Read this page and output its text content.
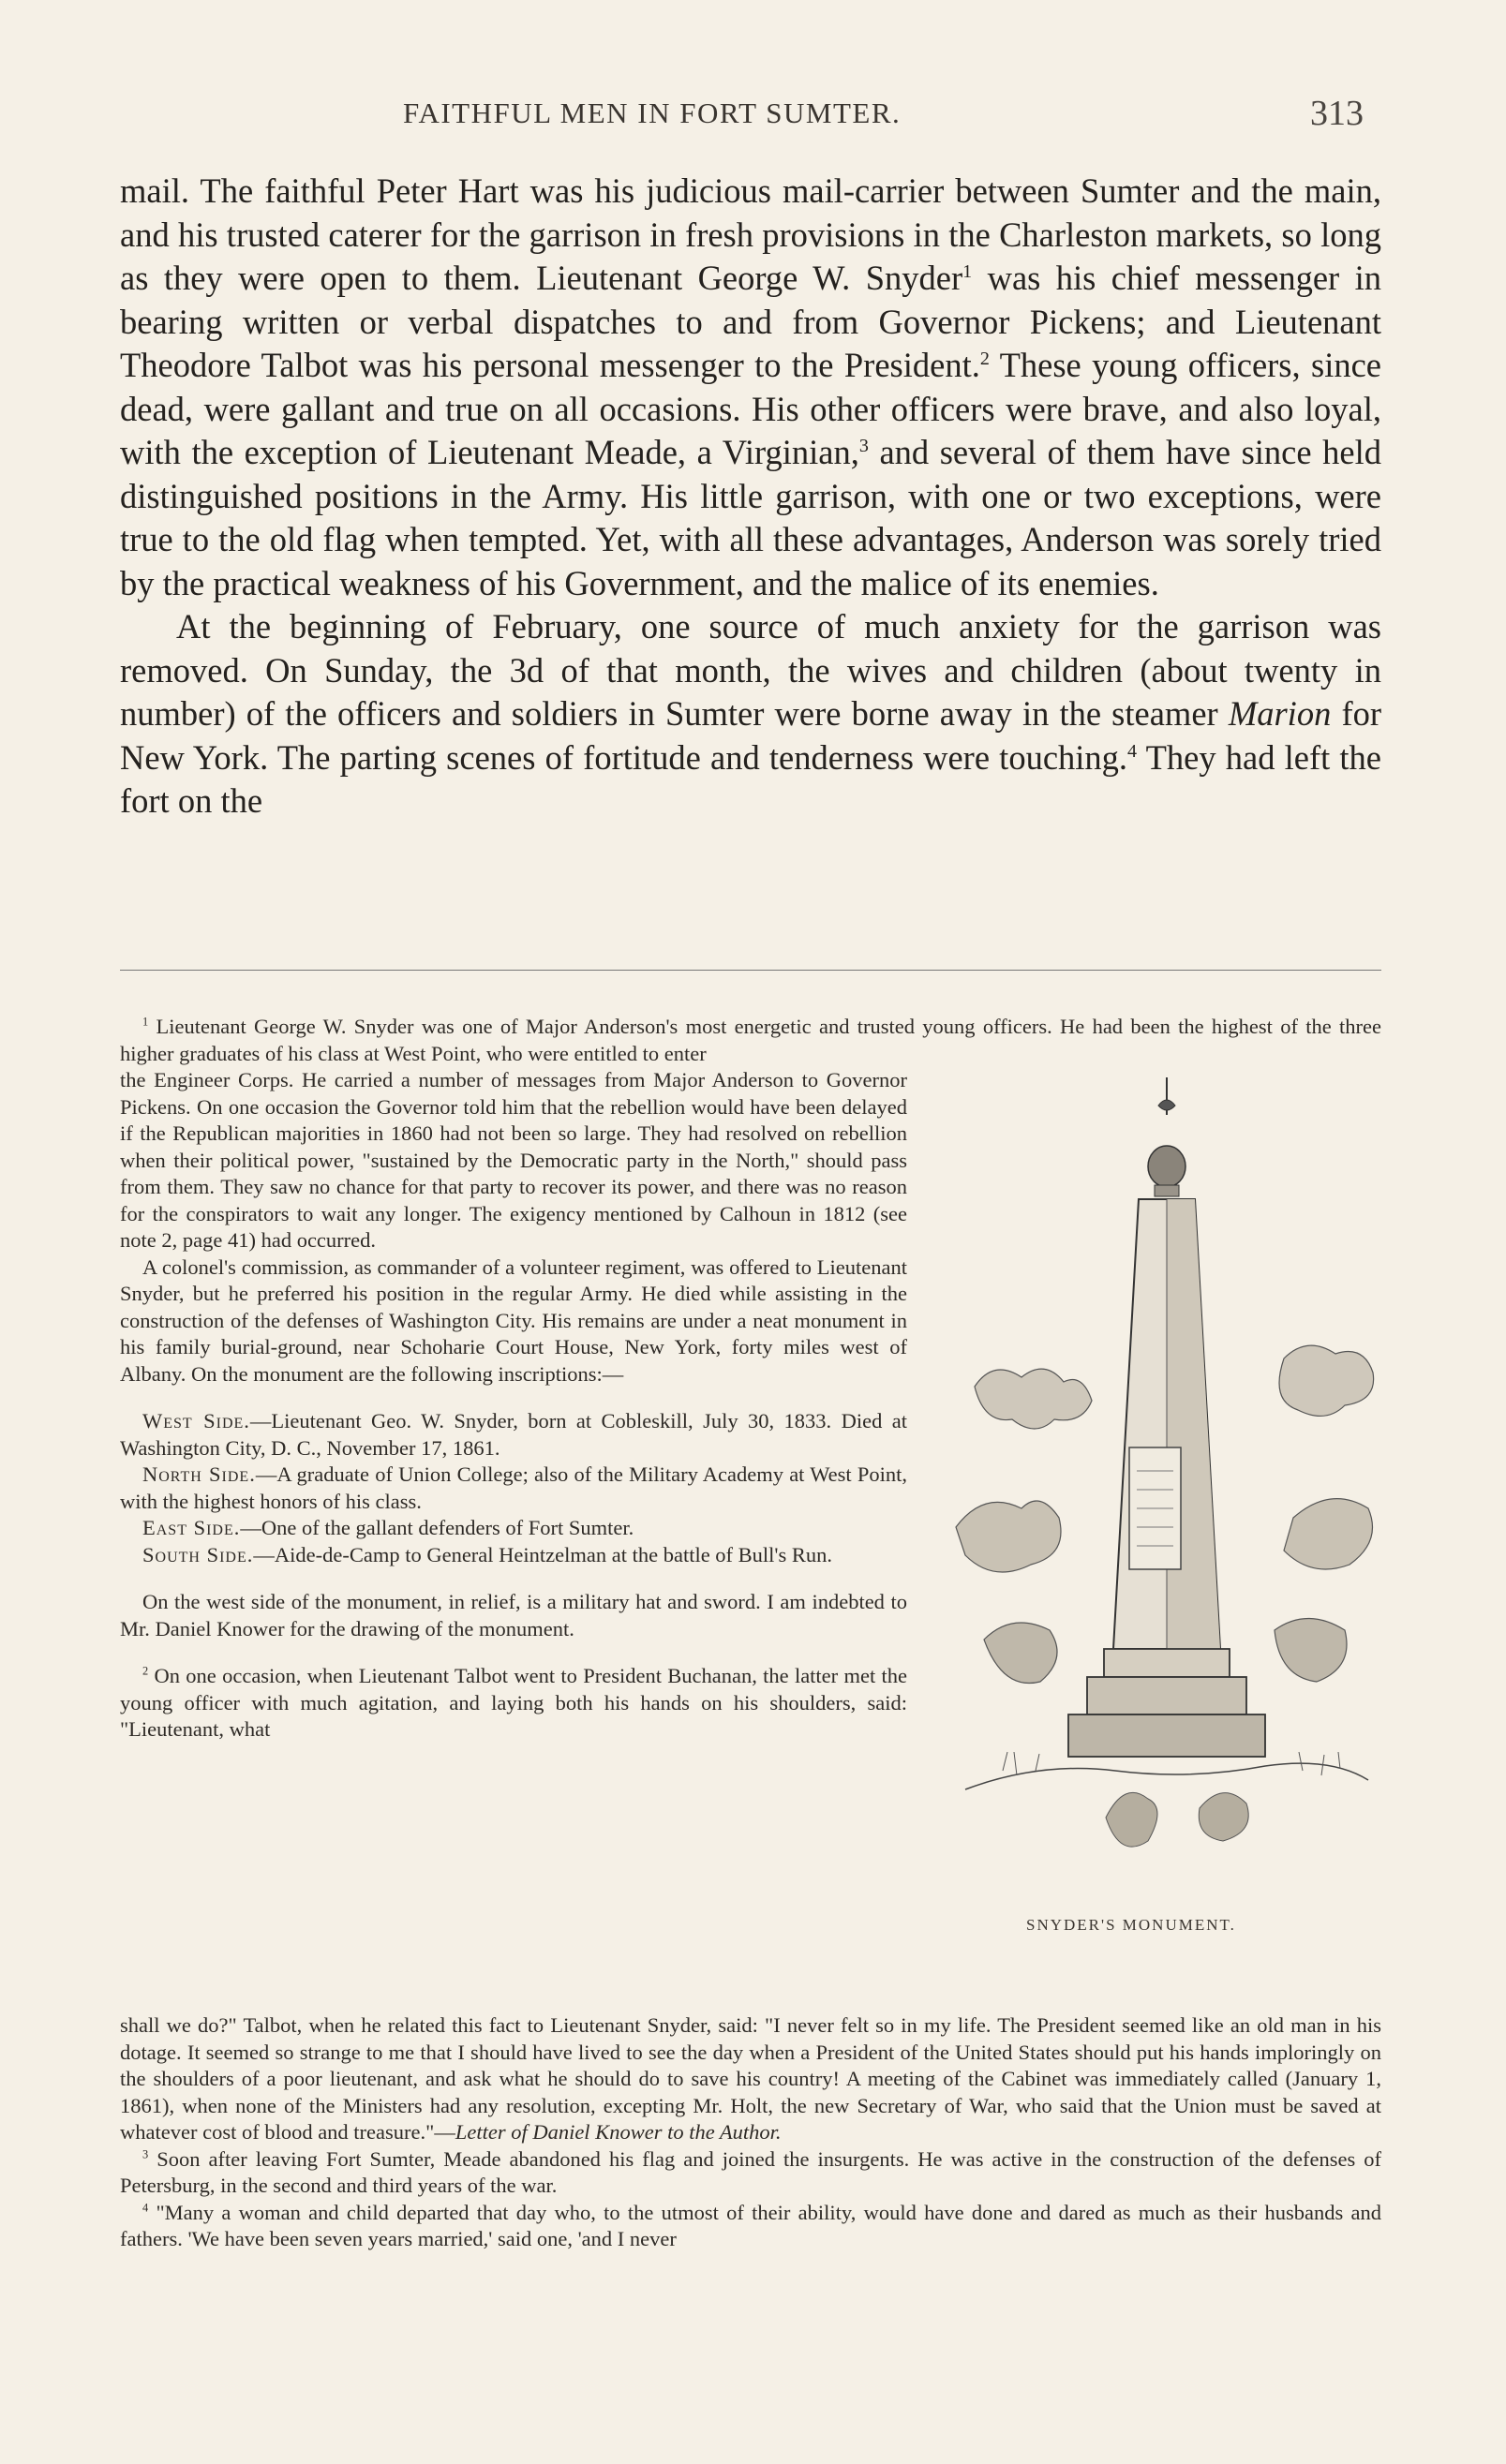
FAITHFUL MEN IN FORT SUMTER.	313

mail. The faithful Peter Hart was his judicious mail-carrier between Sumter and the main, and his trusted caterer for the garrison in fresh provisions in the Charleston markets, so long as they were open to them. Lieutenant George W. Snyder$^1$ was his chief messenger in bearing written or verbal dispatches to and from Governor Pickens; and Lieutenant Theodore Talbot was his personal messenger to the President.$^2$ These young officers, since dead, were gallant and true on all occasions. His other officers were brave, and also loyal, with the exception of Lieutenant Meade, a Virginian,$^3$ and several of them have since held distinguished positions in the Army. His little garrison, with one or two exceptions, were true to the old flag when tempted. Yet, with all these advantages, Anderson was sorely tried by the practical weakness of his Government, and the malice of its enemies.

At the beginning of February, one source of much anxiety for the garrison was removed. On Sunday, the 3d of that month, the wives and children (about twenty in number) of the officers and soldiers in Sumter were borne away in the steamer Marion for New York. The parting scenes of fortitude and tenderness were touching.$^4$ They had left the fort on the

$^1$ Lieutenant George W. Snyder was one of Major Anderson's most energetic and trusted young officers. He had been the highest of the three higher graduates of his class at West Point, who were entitled to enter

the Engineer Corps. He carried a number of messages from Major Anderson to Governor Pickens. On one occasion the Governor told him that the rebellion would have been delayed if the Republican majorities in 1860 had not been so large. They had resolved on rebellion when their political power, "sustained by the Democratic party in the North," should pass from them. They saw no chance for that party to recover its power, and there was no reason for the conspirators to wait any longer. The exigency mentioned by Calhoun in 1812 (see note 2, page 41) had occurred.

A colonel's commission, as commander of a volunteer regiment, was offered to Lieutenant Snyder, but he preferred his position in the regular Army. He died while assisting in the construction of the defenses of Washington City. His remains are under a neat monument in his family burial-ground, near Schoharie Court House, New York, forty miles west of Albany. On the monument are the following inscriptions:—

West Side.—Lieutenant Geo. W. Snyder, born at Cobleskill, July 30, 1833. Died at Washington City, D. C., November 17, 1861.

North Side.—A graduate of Union College; also of the Military Academy at West Point, with the highest honors of his class.

East Side.—One of the gallant defenders of Fort Sumter.

South Side.—Aide-de-Camp to General Heintzelman at the battle of Bull's Run.

On the west side of the monument, in relief, is a military hat and sword. I am indebted to Mr. Daniel Knower for the drawing of the monument.

$^2$ On one occasion, when Lieutenant Talbot went to President Buchanan, the latter met the young officer with much agitation, and laying both his hands on his shoulders, said: "Lieutenant, what

shall we do?" Talbot, when he related this fact to Lieutenant Snyder, said: "I never felt so in my life. The President seemed like an old man in his dotage. It seemed so strange to me that I should have lived to see the day when a President of the United States should put his hands imploringly on the shoulders of a poor lieutenant, and ask what he should do to save his country! A meeting of the Cabinet was immediately called (January 1, 1861), when none of the Ministers had any resolution, excepting Mr. Holt, the new Secretary of War, who said that the Union must be saved at whatever cost of blood and treasure."—Letter of Daniel Knower to the Author.

$^3$ Soon after leaving Fort Sumter, Meade abandoned his flag and joined the insurgents. He was active in the construction of the defenses of Petersburg, in the second and third years of the war.

$^4$ "Many a woman and child departed that day who, to the utmost of their ability, would have done and dared as much as their husbands and fathers. 'We have been seven years married,' said one, 'and I never

SNYDER'S MONUMENT.
